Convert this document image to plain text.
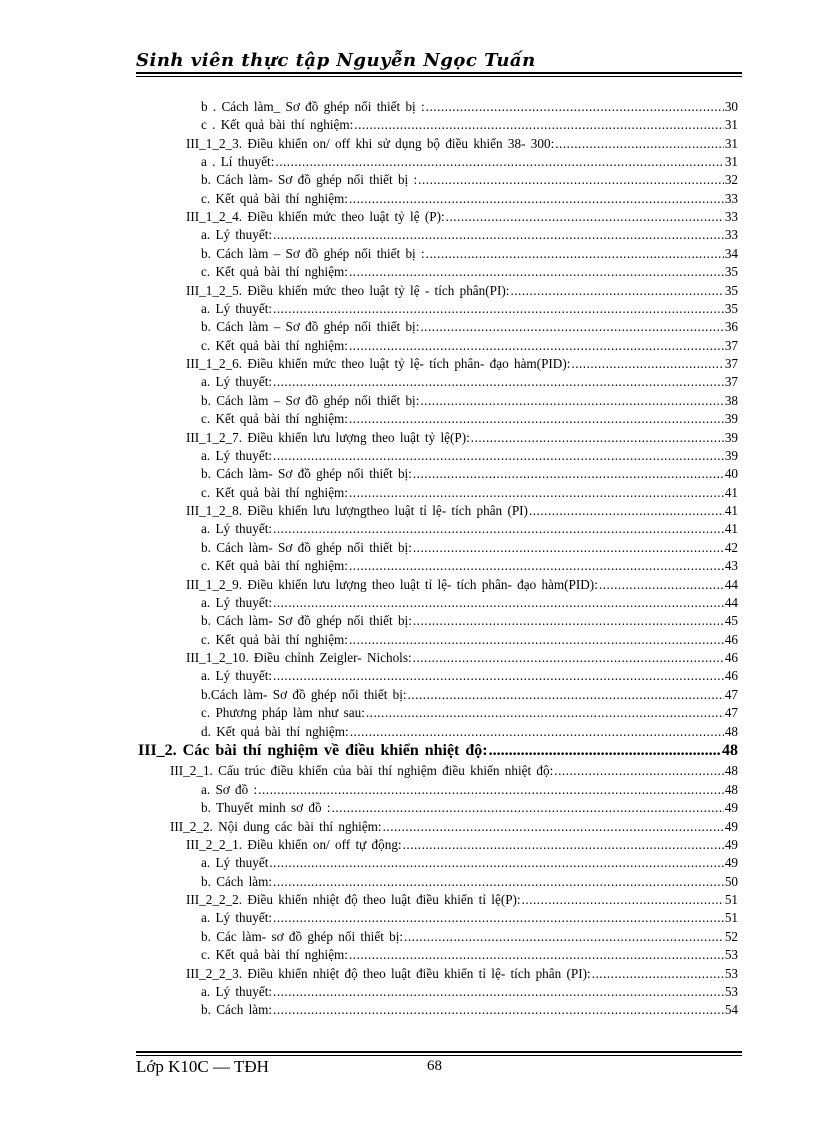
Sinh viên thực tập Nguyễn Ngọc Tuấn
b . Cách làm_ Sơ đồ ghép nối thiết bị : .....	30
c . Kết quả bài thí nghiệm: .....	31
III_1_2_3. Điều khiển on/ off khi sử dụng bộ điều khiển 38- 300: .....	31
a . Lí thuyết: .....	31
b. Cách làm- Sơ đồ ghép nối thiết bị : .....	32
c. Kết quả bài thí nghiệm: .....	33
III_1_2_4. Điều khiển mức theo luật tỷ lệ (P): .....	33
a. Lý thuyết: .....	33
b. Cách làm – Sơ đồ ghép nối thiết bị : .....	34
c. Kết quả bài thí nghiệm: .....	35
III_1_2_5. Điều khiển mức theo luật tỷ lệ - tích phân(PI): .....	35
a. Lý thuyết: .....	35
b. Cách làm – Sơ đồ ghép nối thiết bị: .....	36
c. Kết quả bài thí nghiệm: .....	37
III_1_2_6. Điều khiển mức theo luật tỷ lệ- tích phân- đạo hàm(PID): .....	37
a. Lý thuyết: .....	37
b. Cách làm – Sơ đồ ghép nối thiết bị: .....	38
c. Kết quả bài thí nghiệm: .....	39
III_1_2_7. Điều khiển lưu lượng theo luật tỷ lệ(P): .....	39
a. Lý thuyết: .....	39
b. Cách làm- Sơ đồ ghép nối thiết bị: .....	40
c. Kết quả bài thí nghiệm: .....	41
III_1_2_8. Điều khiển lưu lượngtheo luật tỉ lệ- tích phân (PI) .....	41
a. Lý thuyết: .....	41
b. Cách làm- Sơ đồ ghép nối thiết bị: .....	42
c. Kết quả bài thí nghiệm: .....	43
III_1_2_9. Điều khiển lưu lượng theo luật tỉ lệ- tích phân- đạo hàm(PID): .....	44
a. Lý thuyết: .....	44
b. Cách làm- Sơ đồ ghép nối thiết bị: .....	45
c. Kết quả bài thí nghiệm: .....	46
III_1_2_10. Điều chỉnh Zeigler- Nichols: .....	46
a. Lý thuyết: .....	46
b.Cách làm- Sơ đồ ghép nối thiết bị: .....	47
c. Phương pháp làm như sau: .....	47
d. Kết quả bài thí nghiệm: .....	48
III_2. Các bài thí nghiệm về điều khiển nhiệt độ: .....	48
III_2_1. Cấu trúc điều khiển của bài thí nghiệm điều khiển nhiệt độ: .....	48
a. Sơ đồ : .....	48
b. Thuyết minh sơ đồ : .....	49
III_2_2. Nội dung các bài thí nghiệm: .....	49
III_2_2_1. Điều khiển on/ off tự động: .....	49
a. Lý thuyết .....	49
b. Cách làm: .....	50
III_2_2_2. Điều khiển nhiệt độ theo luật điều khiển tỉ lệ(P): .....	51
a. Lý thuyết: .....	51
b. Các làm- sơ đồ ghép nối thiết bị: .....	52
c. Kết quả bài thí nghiệm: .....	53
III_2_2_3. Điều khiển nhiệt độ theo luật điều khiển tỉ lệ- tích phân (PI): .....	53
a. Lý thuyết: .....	53
b. Cách làm: .....	54
Lớp K10C — TĐH	68
